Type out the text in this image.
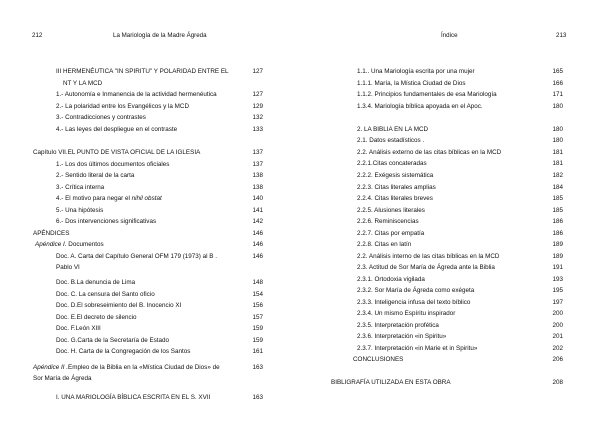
212	La Mariología de la Madre Ágreda
III HERMENÉUTICA "IN SPIRITU" Y POLARIDAD ENTRE EL	127
NT Y LA MCD
1.- Autonomía e Inmanencia de la actividad hermenéutica	127
2.- La polaridad entre los Evangélicos y la MCD	129
3.- Contradicciones y contrastes	132
4.- Las leyes del despliegue en el contraste	133
Capítulo VII.EL PUNTO DE VISTA OFICIAL DE LA IGLESIA	137
1.- Los dos últimos documentos oficiales	137
2.- Sentido literal de la carta	138
3.- Crítica interna	138
4.- El motivo para negar el nihil obstat	140
5.- Una hipótesis	141
6.- Dos intervenciones significativas	142
APÉNDICES	146
Apéndice I. Documentos	146
Doc. A. Carta del Capítulo General OFM 179 (1973) al B .	146
Pablo VI
Doc. B.La denuncia de Lima	148
Doc. C. La censura del Santo oficio	154
Doc. D.El sobreseimiento del B. Inocencio XI	156
Doc. E.El decreto de silencio	157
Doc. F.León XIII	159
Doc. G.Carta de la Secretaría de Estado	159
Doc. H. Carta de la Congregación de los Santos	161
Apéndice II .Empleo de la Biblia en la «Mística Ciudad de Dios» de	163
Sor María de Ágreda
I. UNA MARIOLOGÍA BÍBLICA ESCRITA EN EL S. XVII	163
Índice	213
1.1.. Una Mariología escrita por una mujer	165
1.1.1. María, la Mística Ciudad de Dios	166
1.1.2. Principios fundamentales de esa Mariología	171
1.3.4. Mariología bíblica apoyada en el Apoc.	180
2. LA BIBLIA EN LA MCD	180
2.1. Datos estadísticos .	180
2.2. Análisis externo de las citas bíblicas en la MCD	181
2.2.1.Citas concateradas	181
2.2.2. Exégesis sistemática	182
2.2.3. Citas literales amplias	184
2.2.4. Citas literales breves	185
2.2.5. Alusiones literales	185
2.2.6. Reminiscencias	186
2.2.7. Citas por empatía	186
2.2.8. Citas en latín	189
2.2. Análisis interno de las citas bíblicas en la MCD	189
2.3. Actitud de Sor María de Ágreda ante la Biblia	191
2.3.1. Ortodoxia vigilada	193
2.3.2. Sor María de Ágreda como exégeta	195
2.3.3. Inteligencia infusa del texto bíblico	197
2.3.4. Un mismo Espíritu inspirador	200
2.3.5. Interpretación profética	200
2.3.6. Interpretación «in Spiritu»	201
2.3.7. Interpretación «in Marie et in Spiritu»	202
CONCLUSIONES	206
BIBLIGRAFÍA UTILIZADA EN ESTA OBRA	208
